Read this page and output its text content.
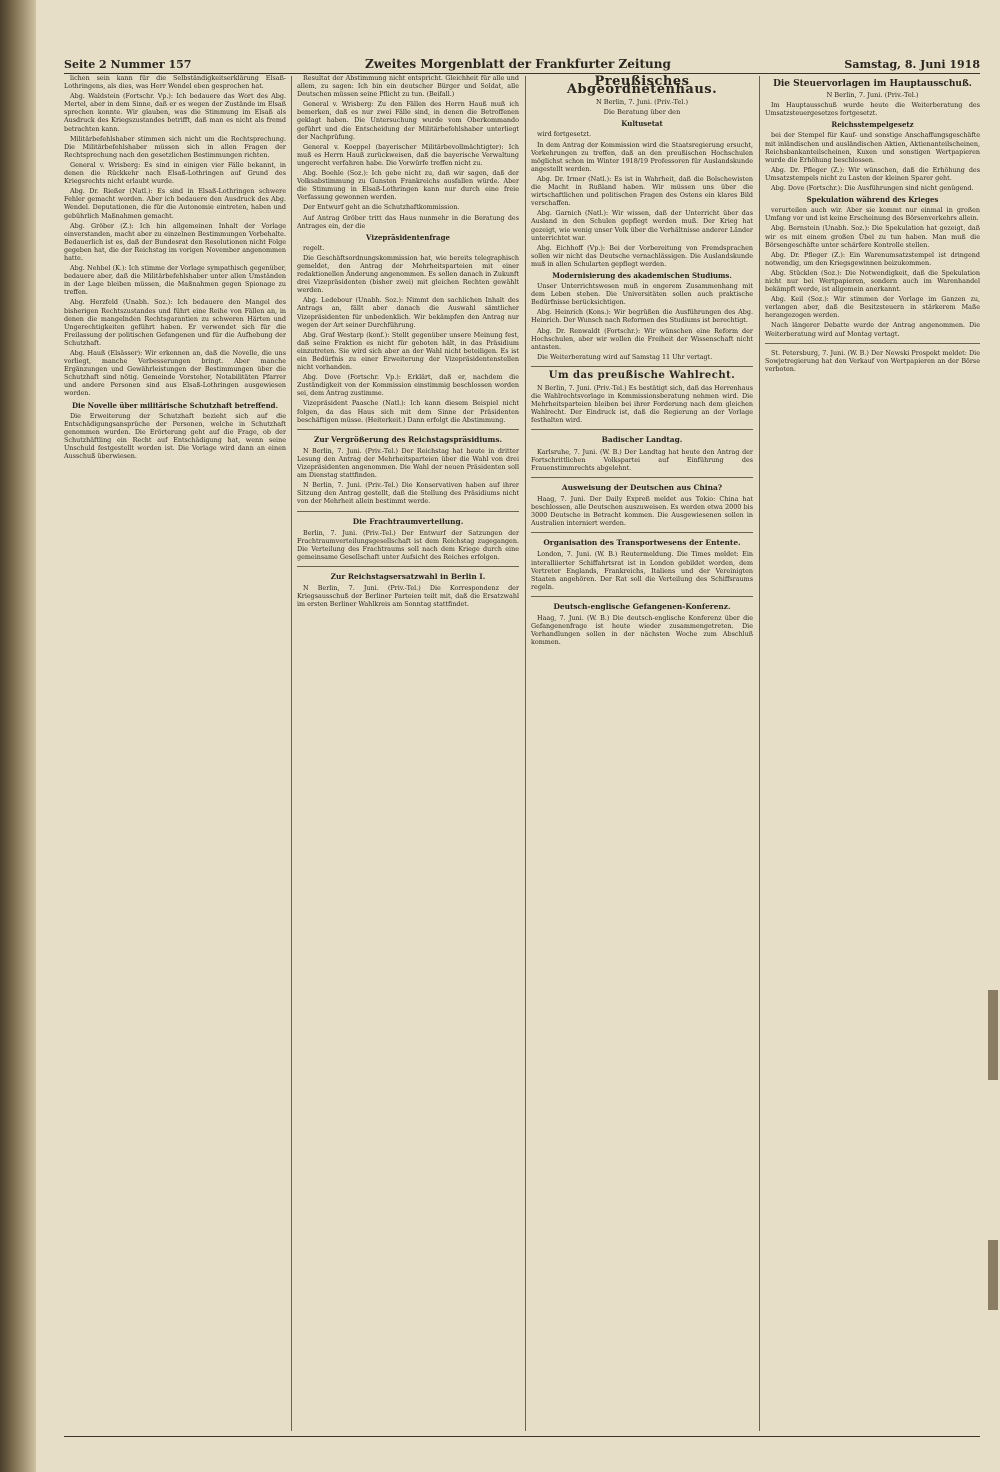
Seite 2 Nummer 157	Zweites Morgenblatt der Frankfurter Zeitung	Samstag, 8. Juni 1918

lichen sein kann für die Selbständigkeitserklärung Elsaß-Lothringens, als dies, was Herr Wendel eben gesprochen hat.

Abg. Waldstein (Fortschr. Vp.): Ich bedauere das Wort des Abg. Mertel, aber in dem Sinne, daß er es wegen der Zustände im Elsaß sprechen konnte. Wir glauben, was die Stimmung im Elsaß als Ausdruck des Kriegszustandes betrifft, daß man es nicht als fremd betrachten kann.

Militärbefehlshaber stimmen sich nicht um die Rechtsprechung. Die Militärbefehlshaber müssen sich in allen Fragen der Rechtsprechung nach den gesetzlichen Bestimmungen richten.

General v. Wrisberg: Es sind in einigen vier Fälle bekannt, in denen die Rückkehr nach Elsaß-Lothringen auf Grund des Kriegsrechts nicht erlaubt wurde.

Abg. Dr. Rießer (Natl.): Es sind in Elsaß-Lothringen schwere Fehler gemacht worden. Aber ich bedauere den Ausdruck des Abg. Wendel. Deputationen, die für die Autonomie eintreten, haben und gebührlich Maßnahmen gemacht.

Abg. Gröber (Z.): Ich hin allgemeinen Inhalt der Vorlage einverstanden, macht aber zu einzelnen Bestimmungen Vorbehalte. Bedauerlich ist es, daß der Bundesrat den Resolutionen nicht Folge gegeben hat, die der Reichstag im vorigen November angenommen hatte.

Abg. Nehbel (K.): Ich stimme der Vorlage sympathisch gegenüber, bedauere aber, daß die Militärbefehlshaber unter allen Umständen in der Lage bleiben müssen, die Maßnahmen gegen Spionage zu treffen.

Abg. Herzfeld (Unabh. Soz.): Ich bedauere den Mangel des bisherigen Rechtszustandes und führt eine Reihe von Fällen an, in denen die mangelnden Rechtsgarantien zu schweren Härten und Ungerechtigkeiten geführt haben. Er verwendet sich für die Freilassung der politischen Gefangenen und für die Aufhebung der Schutzhaft.

Abg. Hauß (Elsässer): Wir erkennen an, daß die Novelle, die uns vorliegt, manche Verbesserungen bringt. Aber manche Ergänzungen und Gewährleistungen der Bestimmungen über die Schutzhaft sind nötig. Gemeinde Vorsteher, Notabilitäten Pfarrer und andere Personen sind aus Elsaß-Lothringen ausgewiesen worden.

Die Novelle über militärische Schutzhaft betreffend.

Die Erweiterung der Schutzhaft bezieht sich auf die Entschädigungsansprüche der Personen, welche in Schutzhaft genommen wurden. Die Erörterung geht auf die Frage, ob der Schutzhäftling ein Recht auf Entschädigung hat, wenn seine Unschuld festgestellt worden ist. Die Vorlage wird dann an einen Ausschuß überwiesen.

Resultat der Abstimmung nicht entspricht. Gleichheit für alle und allem, zu sagen: Ich bin ein deutscher Bürger und Soldat, alle Deutschen müssen seine Pflicht zu tun. (Beifall.)

General v. Wrisberg: Zu den Fällen des Herrn Hauß muß ich bemerken, daß es nur zwei Fälle sind, in denen die Betroffenen geklagt haben. Die Untersuchung wurde vom Oberkommando geführt und die Entscheidung der Militärbefehlshaber unterliegt der Nachprüfung.

General v. Koeppel (bayerischer Militärbevollmächtigter): Ich muß es Herrn Hauß zurückweisen, daß die bayerische Verwaltung ungerecht verfahren habe. Die Vorwürfe treffen nicht zu.

Abg. Boehle (Soz.): Ich gebe nicht zu, daß wir sagen, daß der Volksabstimmung zu Gunsten Frankreichs ausfallen würde. Aber die Stimmung in Elsaß-Lothringen kann nur durch eine freie Verfassung gewonnen werden.

Der Entwurf geht an die Schutzhaftkommission.

Auf Antrag Gröber tritt das Haus nunmehr in die Beratung des Antrages ein, der die

Vizepräsidentenfrage

regelt.

Die Geschäftsordnungskommission hat, wie bereits telegraphisch gemeldet, den Antrag der Mehrheitsparteien mit einer redaktionellen Änderung angenommen. Es sollen danach in Zukunft drei Vizepräsidenten (bisher zwei) mit gleichen Rechten gewählt werden.

Abg. Ledebour (Unabh. Soz.): Nimmt den sachlichen Inhalt des Antrags an, fällt aber danach die Auswahl sämtlicher Vizepräsidenten für unbedenklich. Wir bekämpfen den Antrag nur wegen der Art seiner Durchführung.

Abg. Graf Westarp (konf.): Stellt gegenüber unsere Meinung fest, daß seine Fraktion es nicht für geboten hält, in das Präsidium einzutreten. Sie wird sich aber an der Wahl nicht beteiligen. Es ist ein Bedürfnis zu einer Erweiterung der Vizepräsidentenstellen nicht vorhanden.

Abg. Dove (Fortschr. Vp.): Erklärt, daß er, nachdem die Zuständigkeit von der Kommission einstimmig beschlossen worden sei, dem Antrag zustimme.

Vizepräsident Paasche (Natl.): Ich kann diesem Beispiel nicht folgen, da das Haus sich mit dem Sinne der Präsidenten beschäftigen müsse. (Heiterkeit.) Dann erfolgt die Abstimmung.

Zur Vergrößerung des Reichstagspräsidiums.

N Berlin, 7. Juni. (Priv.-Tel.) Der Reichstag hat heute in dritter Lesung den Antrag der Mehrheitsparteien über die Wahl von drei Vizepräsidenten angenommen. Die Wahl der neuen Präsidenten soll am Dienstag stattfinden.

N Berlin, 7. Juni. (Priv.-Tel.) Die Konservativen haben auf ihrer Sitzung den Antrag gestellt, daß die Stellung des Präsidiums nicht von der Mehrheit allein bestimmt werde.

Die Frachtraumverteilung.

Berlin, 7. Juni. (Priv.-Tel.) Der Entwurf der Satzungen der Frachtraumverteilungsgesellschaft ist dem Reichstag zugegangen. Die Verteilung des Frachtraums soll nach dem Kriege durch eine gemeinsame Gesellschaft unter Aufsicht des Reiches erfolgen.

Zur Reichstagsersatzwahl in Berlin I.

N Berlin, 7. Juni. (Priv.-Tel.) Die Korrespondenz der Kriegsausschuß der Berliner Parteien teilt mit, daß die Ersatzwahl im ersten Berliner Wahlkreis am Sonntag stattfindet.

Preußisches Abgeordnetenhaus.
N Berlin, 7. Juni. (Priv.-Tel.)
Die Beratung über den
Kultusetat

wird fortgesetzt.

In dem Antrag der Kommission wird die Staatsregierung ersucht, Vorkehrungen zu treffen, daß an den preußischen Hochschulen möglichst schon im Winter 1918/19 Professoren für Auslandskunde angestellt werden.

Abg. Dr. Irmer (Natl.): Es ist in Wahrheit, daß die Bolschewisten die Macht in Rußland haben. Wir müssen uns über die wirtschaftlichen und politischen Fragen des Ostens ein klares Bild verschaffen.

Abg. Garnich (Natl.): Wir wissen, daß der Unterricht über das Ausland in den Schulen gepflegt werden muß. Der Krieg hat gezeigt, wie wenig unser Volk über die Verhältnisse anderer Länder unterrichtet war.

Abg. Eichhoff (Vp.): Bei der Vorbereitung von Fremdsprachen sollen wir nicht das Deutsche vernachlässigen. Die Auslandskunde muß in allen Schularten gepflegt werden.

Modernisierung des akademischen Studiums.

Unser Unterrichtswesen muß in engerem Zusammenhang mit dem Leben stehen. Die Universitäten sollen auch praktische Bedürfnisse berücksichtigen.

Abg. Heinrich (Kons.): Wir begrüßen die Ausführungen des Abg. Heinrich. Der Wunsch nach Reformen des Studiums ist berechtigt.

Abg. Dr. Renwaldt (Fortschr.): Wir wünschen eine Reform der Hochschulen, aber wir wollen die Freiheit der Wissenschaft nicht antasten.

Die Weiterberatung wird auf Samstag 11 Uhr vertagt.

Um das preußische Wahlrecht.

N Berlin, 7. Juni. (Priv.-Tel.) Es bestätigt sich, daß das Herrenhaus die Wahlrechtsvorlage in Kommissionsberatung nehmen wird. Die Mehrheitsparteien bleiben bei ihrer Forderung nach dem gleichen Wahlrecht. Der Eindruck ist, daß die Regierung an der Vorlage festhalten wird.

Badischer Landtag.

Karlsruhe, 7. Juni. (W. B.) Der Landtag hat heute den Antrag der Fortschrittlichen Volkspartei auf Einführung des Frauenstimmrechts abgelehnt.

Ausweisung der Deutschen aus China?

Haag, 7. Juni. Der Daily Expreß meldet aus Tokio: China hat beschlossen, alle Deutschen auszuweisen. Es werden etwa 2000 bis 3000 Deutsche in Betracht kommen. Die Ausgewiesenen sollen in Australien interniert werden.

Organisation des Transportwesens der Entente.

London, 7. Juni. (W. B.) Reutermeldung. Die Times meldet: Ein interalliierter Schiffahrtsrat ist in London gebildet worden, dem Vertreter Englands, Frankreichs, Italiens und der Vereinigten Staaten angehören. Der Rat soll die Verteilung des Schiffsraums regeln.

Deutsch-englische Gefangenen-Konferenz.

Haag, 7. Juni. (W. B.) Die deutsch-englische Konferenz über die Gefangenenfrage ist heute wieder zusammengetreten. Die Verhandlungen sollen in der nächsten Woche zum Abschluß kommen.

Die Steuervorlagen im Hauptausschuß.
N Berlin, 7. Juni. (Priv.-Tel.)

Im Hauptausschuß wurde heute die Weiterberatung des Umsatzsteuergesetzes fortgesetzt.

Reichsstempelgesetz

bei der Stempel für Kauf- und sonstige Anschaffungsgeschäfte mit inländischen und ausländischen Aktien, Aktienanteilscheinen, Reichsbankanteilscheinen, Kuxen und sonstigen Wertpapieren wurde die Erhöhung beschlossen.

Abg. Dr. Pfleger (Z.): Wir wünschen, daß die Erhöhung des Umsatzstempels nicht zu Lasten der kleinen Sparer geht.

Abg. Dove (Fortschr.): Die Ausführungen sind nicht genügend.

Spekulation während des Krieges

verurteilen auch wir. Aber sie kommt nur einmal in großen Umfang vor und ist keine Erscheinung des Börsenverkehrs allein.

Abg. Bernstein (Unabh. Soz.): Die Spekulation hat gezeigt, daß wir es mit einem großen Übel zu tun haben. Man muß die Börsengeschäfte unter schärfere Kontrolle stellen.

Abg. Dr. Pfleger (Z.): Ein Warenumsatzstempel ist dringend notwendig, um den Kriegsgewinnen beizukommen.

Abg. Stücklen (Soz.): Die Notwendigkeit, daß die Spekulation nicht nur bei Wertpapieren, sondern auch im Warenhandel bekämpft werde, ist allgemein anerkannt.

Abg. Keil (Soz.): Wir stimmen der Vorlage im Ganzen zu, verlangen aber, daß die Besitzsteuern in stärkerem Maße herangezogen werden.

Nach längerer Debatte wurde der Antrag angenommen. Die Weiterberatung wird auf Montag vertagt.

St. Petersburg, 7. Juni. (W. B.) Der Newski Prospekt meldet: Die Sowjetregierung hat den Verkauf von Wertpapieren an der Börse verboten.
